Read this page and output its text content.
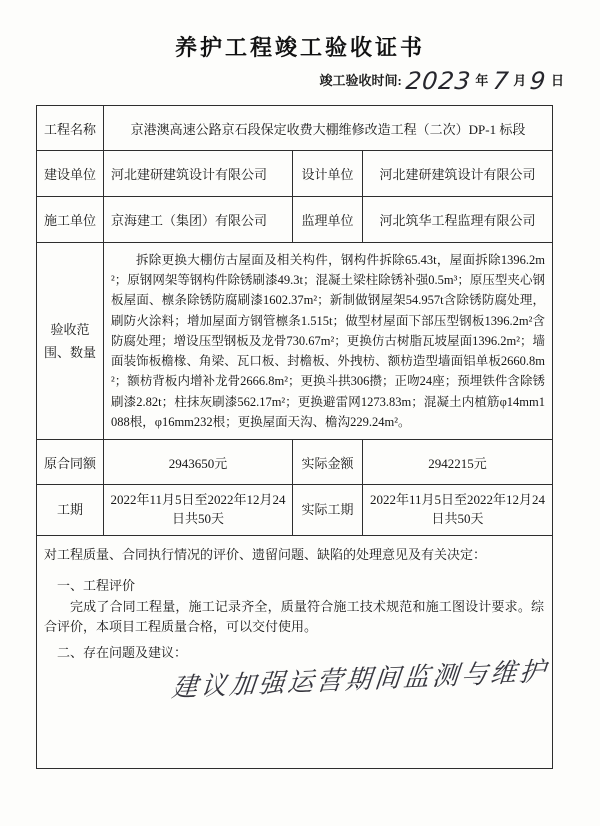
养护工程竣工验收证书
竣工验收时间: 2023 年 7 月 9 日
工程名称	京港澳高速公路京石段保定收费大棚维修改造工程（二次）DP-1 标段		
建设单位	河北建研建筑设计有限公司	设计单位	河北建研建筑设计有限公司
施工单位	京海建工（集团）有限公司	监理单位	河北筑华工程监理有限公司

验收范围、数量	拆除更换大棚仿古屋面及相关构件，钢构件拆除65.43t，屋面拆除1396.2m²；原钢网架等钢构件除锈刷漆49.3t；混凝土梁柱除锈补强0.5m³；原压型夹心钢板屋面、檩条除锈防腐刷漆1602.37m²；新制做钢屋架54.957t含除锈防腐处理，刷防火涂料；增加屋面方钢管檩条1.515t；做型材屋面下部压型钢板1396.2m²含防腐处理；增设压型钢板及龙骨730.67m²；更换仿古树脂瓦坡屋面1396.2m²；墙面装饰板檐椽、角梁、瓦口板、封檐板、外拽枋、额枋造型墙面铝单板2660.8m²；额枋背板内增补龙骨2666.8m²；更换斗拱306攒；正吻24座；预埋铁件含除锈刷漆2.82t；柱抹灰刷漆562.17m²；更换避雷网1273.83m；混凝土内植筋φ14mm1088根，φ16mm232根；更换屋面天沟、檐沟229.24m²。		

原合同额	2943650元	实际金额	2942215元
工期	2022年11月5日至2022年12月24日共50天	实际工期	2022年11月5日至2022年12月24日共50天

对工程质量、合同执行情况的评价、遗留问题、缺陷的处理意见及有关决定：

一、工程评价

完成了合同工程量，施工记录齐全，质量符合施工技术规范和施工图设计要求。综合评价，本项目工程质量合格，可以交付使用。

二、存在问题及建议：

建议加强运营期间监测与维护			
